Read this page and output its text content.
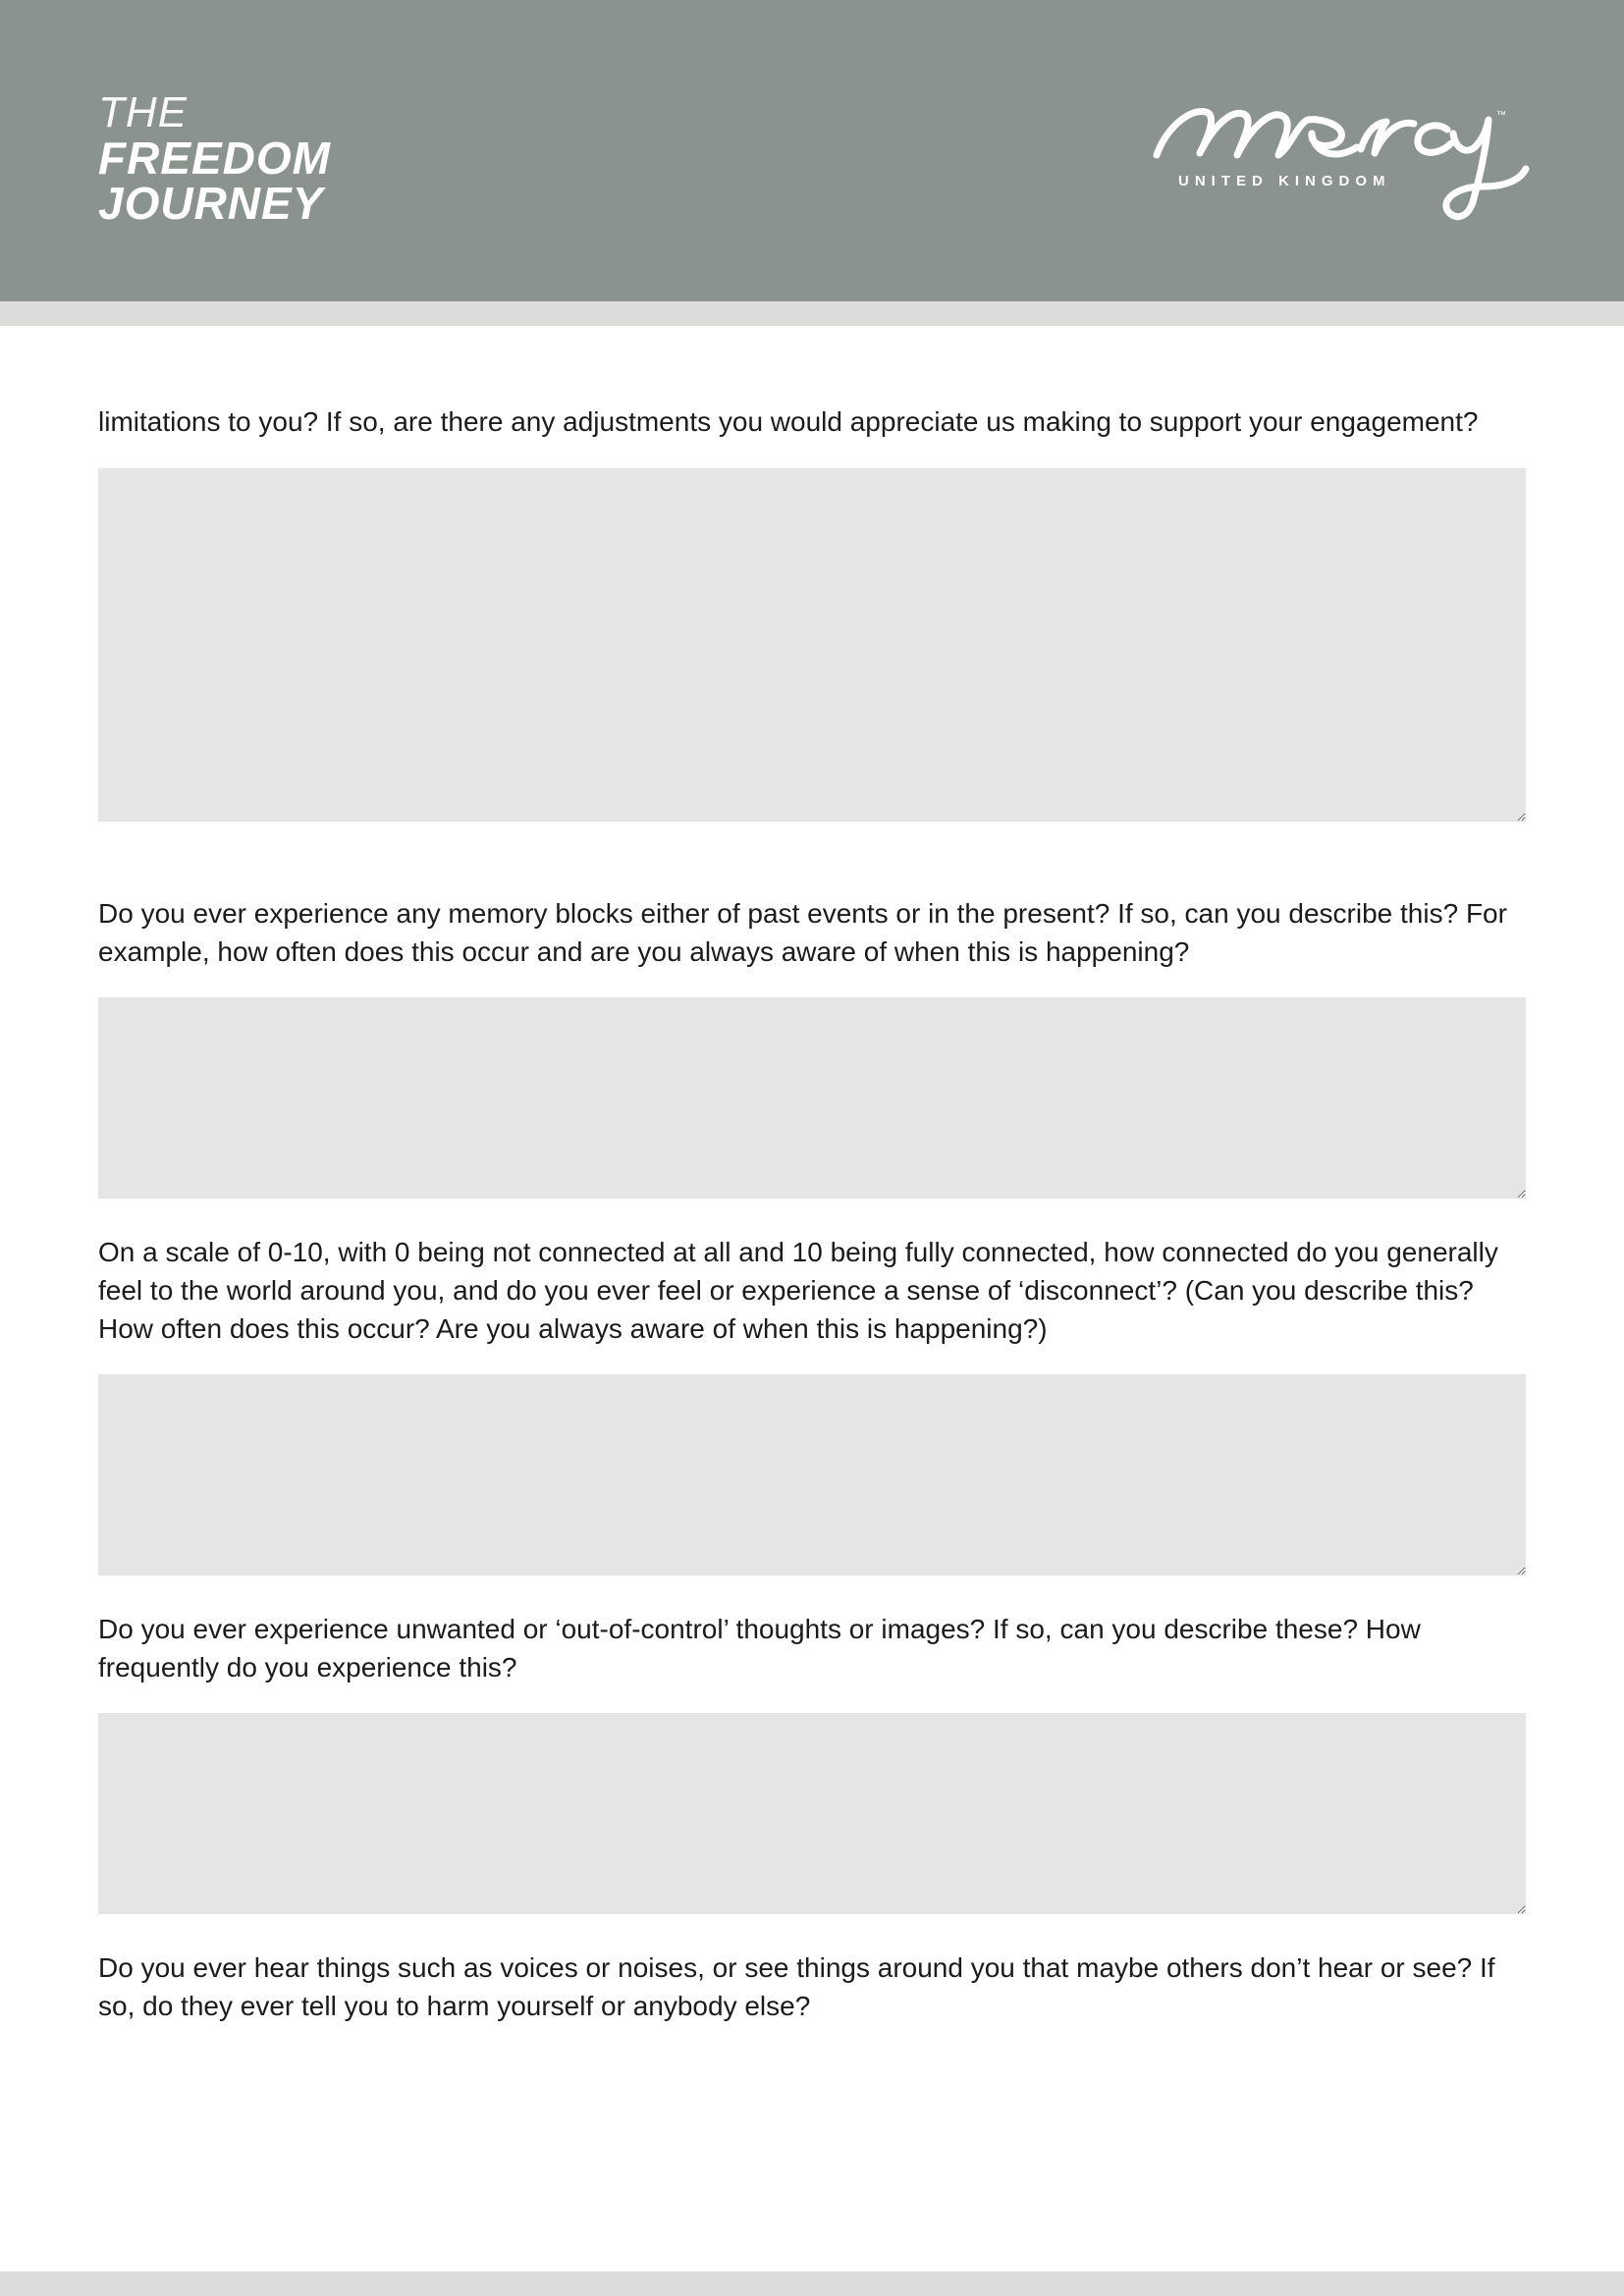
THE
FREEDOM
JOURNEY
™
UNITED KINGDOM

limitations to you? If so, are there any adjustments you would appreciate us making to support your engagement?

Do you ever experience any memory blocks either of past events or in the present? If so, can you describe this? For example, how often does this occur and are you always aware of when this is happening?

On a scale of 0-10, with 0 being not connected at all and 10 being fully connected, how connected do you generally feel to the world around you, and do you ever feel or experience a sense of ‘disconnect’? (Can you describe this? How often does this occur? Are you always aware of when this is happening?)

Do you ever experience unwanted or ‘out-of-control’ thoughts or images? If so, can you describe these? How frequently do you experience this?

Do you ever hear things such as voices or noises, or see things around you that maybe others don’t hear or see? If so, do they ever tell you to harm yourself or anybody else?
